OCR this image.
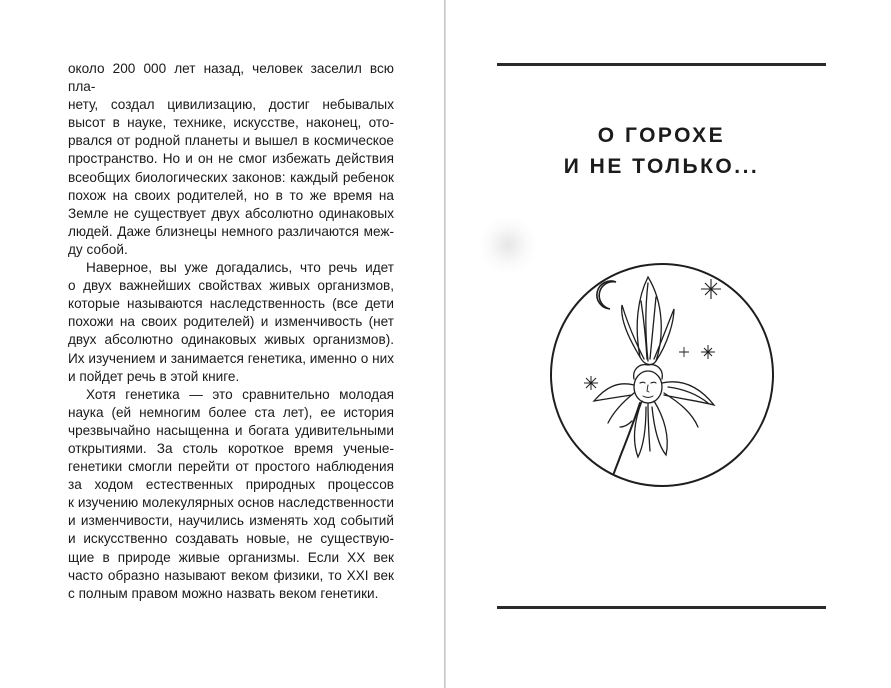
около 200 000 лет назад, человек заселил всю пла-
нету, создал цивилизацию, достиг небывалых
высот в науке, технике, искусстве, наконец, ото-
рвался от родной планеты и вышел в космическое
пространство. Но и он не смог избежать действия
всеобщих биологических законов: каждый ребенок
похож на своих родителей, но в то же время на
Земле не существует двух абсолютно одинаковых
людей. Даже близнецы немного различаются меж-
ду собой.
Наверное, вы уже догадались, что речь идет
о двух важнейших свойствах живых организмов,
которые называются наследственность (все дети
похожи на своих родителей) и изменчивость (нет
двух абсолютно одинаковых живых организмов).
Их изучением и занимается генетика, именно о них
и пойдет речь в этой книге.
Хотя генетика — это сравнительно молодая
наука (ей немногим более ста лет), ее история
чрезвычайно насыщенна и богата удивительными
открытиями. За столь короткое время ученые-
генетики смогли перейти от простого наблюдения
за ходом естественных природных процессов
к изучению молекулярных основ наследственности
и изменчивости, научились изменять ход событий
и искусственно создавать новые, не существую-
щие в природе живые организмы. Если XX век
часто образно называют веком физики, то XXI век
с полным правом можно назвать веком генетики.
О ГОРОХЕ
И НЕ ТОЛЬКО...
